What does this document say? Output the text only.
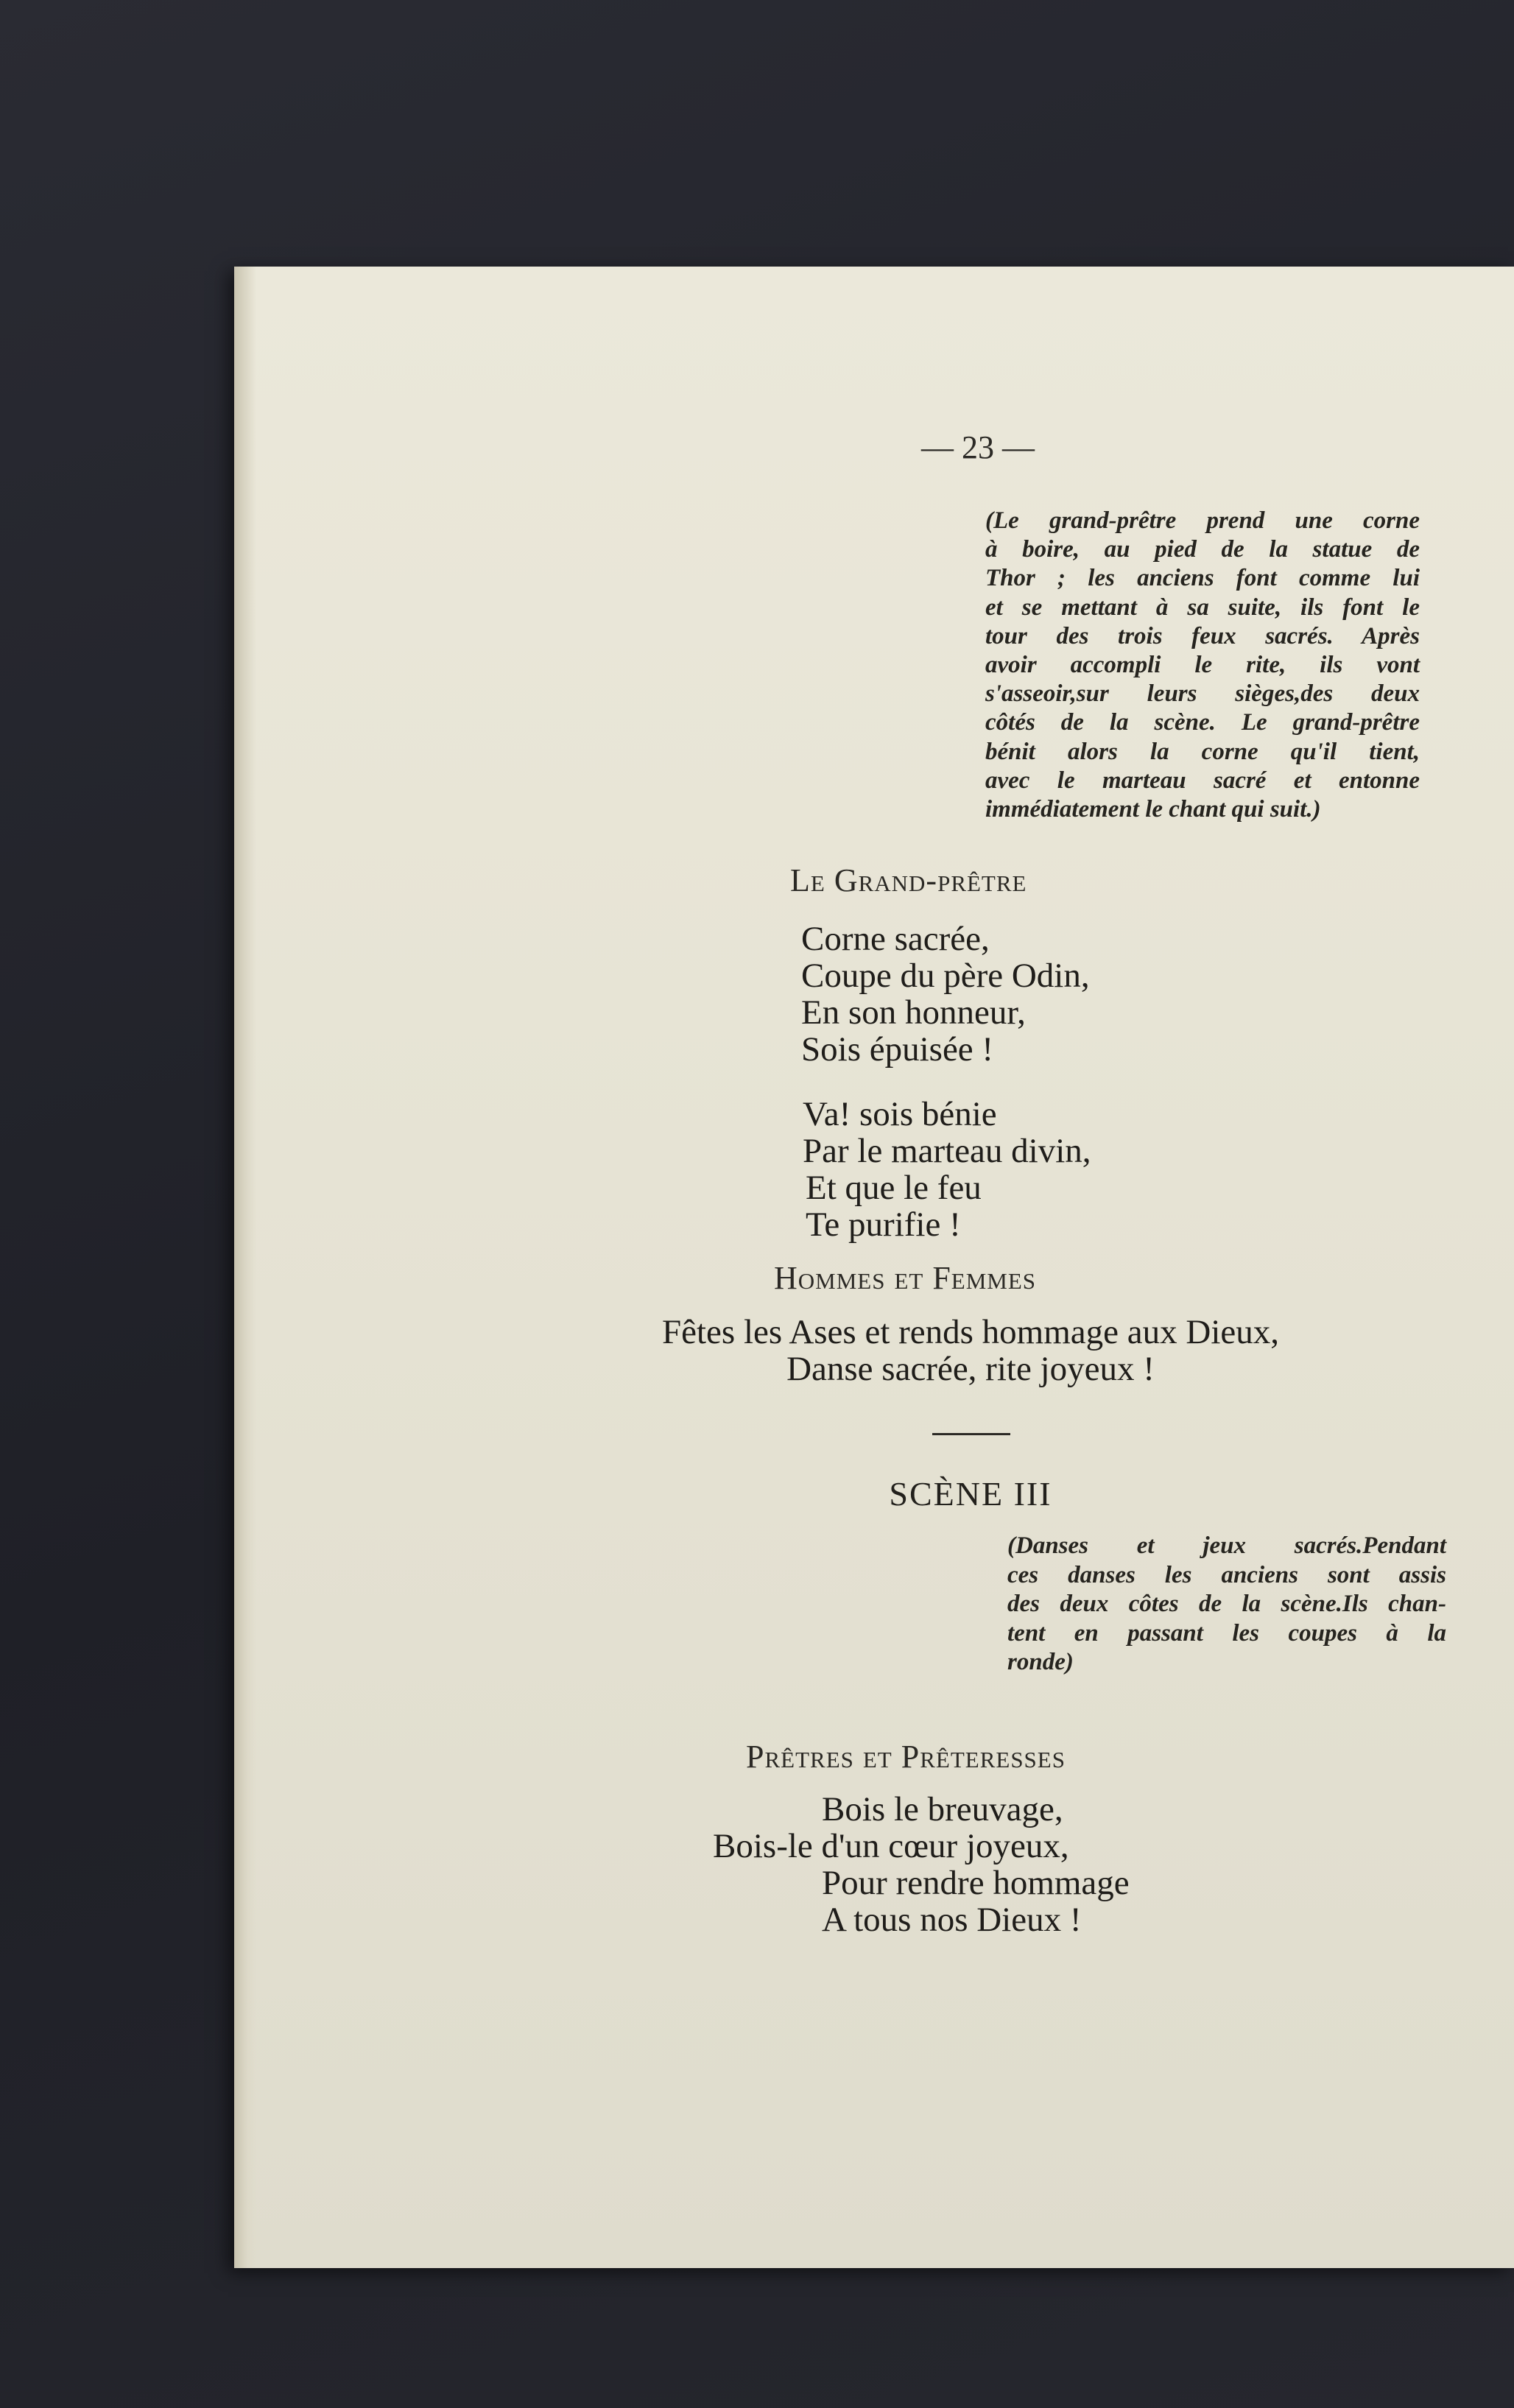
— 23 —

(Le grand-prêtre prend une corne
à boire, au pied de la statue de
Thor ; les anciens font comme lui
et se mettant à sa suite, ils font le
tour des trois feux sacrés. Après
avoir accompli le rite, ils vont
s'asseoir,sur leurs sièges,des deux
côtés de la scène. Le grand-prêtre
bénit alors la corne qu'il tient,
avec le marteau sacré et entonne
immédiatement le chant qui suit.)

Le Grand-prêtre

Corne sacrée,
Coupe du père Odin,
En son honneur,
Sois épuisée !
Va! sois bénie
Par le marteau divin,
Et que le feu
Te purifie !

Hommes et Femmes

Fêtes les Ases et rends hommage aux Dieux,
Danse sacrée, rite joyeux !

SCÈNE III

(Danses et jeux sacrés.Pendant
ces danses les anciens sont assis
des deux côtes de la scène.Ils chan-
tent en passant les coupes à la
ronde)

Prêtres et Prêteresses

Bois le breuvage,
Bois-le d'un cœur joyeux,
Pour rendre hommage
A tous nos Dieux !
